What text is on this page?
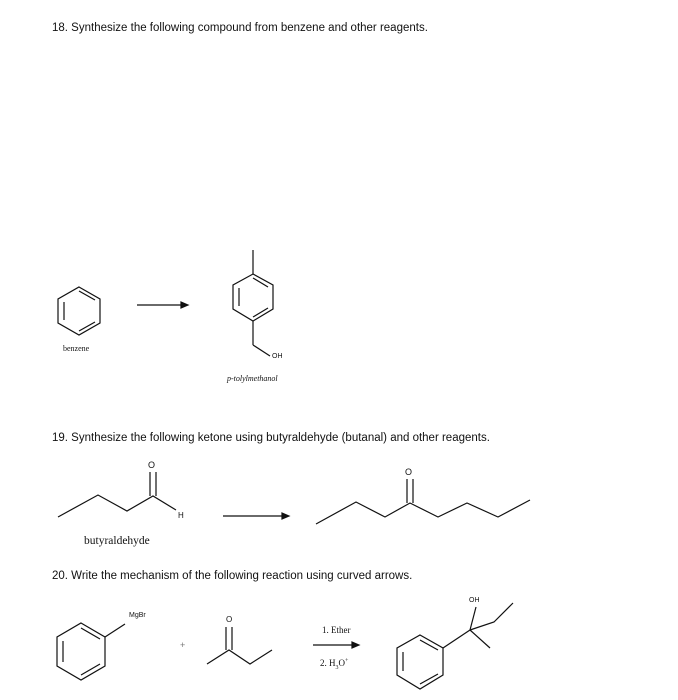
18. Synthesize the following compound from benzene and other reagents.
19. Synthesize the following ketone using butyraldehyde (butanal) and other reagents.
20. Write the mechanism of the following reaction using curved arrows.
benzene
OH
p-tolylmethanol
O
H
butyraldehyde
O
MgBr
+
O
1. Ether
2. $H_3O^+$
OH
